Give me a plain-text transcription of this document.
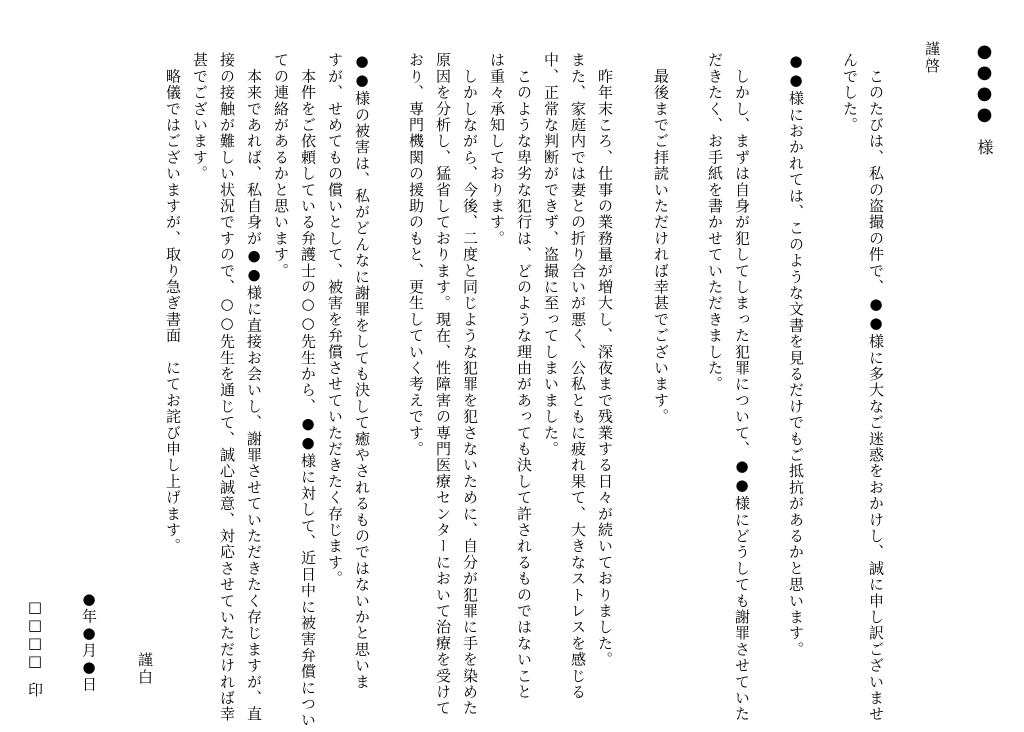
●●●●様
謹啓
　このたびは、私の盗撮の件で、●●様に多大なご迷惑をおかけし、誠に申し訳ございませ
んでした。
●●様におかれては、このような文書を見るだけでもご抵抗があるかと思います。
　しかし、まずは自身が犯してしまった犯罪について、●●様にどうしても謝罪させていた
だきたく、お手紙を書かせていただきました。
　最後までご拝読いただければ幸甚でございます。
　昨年末ころ、仕事の業務量が増大し、深夜まで残業する日々が続いておりました。
また、家庭内では妻との折り合いが悪く、公私ともに疲れ果て、大きなストレスを感じる
中、正常な判断ができず、盗撮に至ってしまいました。
　このような卑劣な犯行は、どのような理由があっても決して許されるものではないこと
は重々承知しております。
　しかしながら、今後、二度と同じような犯罪を犯さないために、自分が犯罪に手を染めた
原因を分析し、猛省しております。現在、性障害の専門医療センターにおいて治療を受けて
おり、専門機関の援助のもと、更生していく考えです。
●●様の被害は、私がどんなに謝罪をしても決して癒やされるものではないかと思いま
すが、せめてもの償いとして、被害を弁償させていただきたく存じます。
　本件をご依頼している弁護士の○○先生から、●●様に対して、近日中に被害弁償につい
ての連絡があるかと思います。
　本来であれば、私自身が●●様に直接お会いし、謝罪させていただきたく存じますが、直
接の接触が難しい状況ですので、○○先生を通じて、誠心誠意、対応させていただければ幸
甚でございます。
　略儀ではございますが、取り急ぎ書面　にてお詫び申し上げます。
謹白
●年●月●日
□□□□印
